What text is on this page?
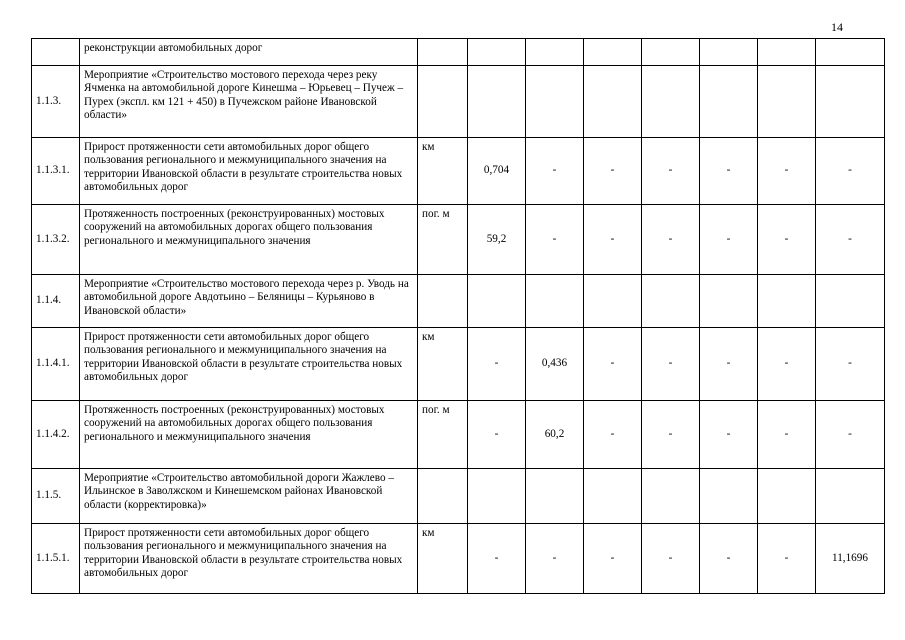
14
	реконструкции автомобильных дорог								
1.1.3.	Мероприятие «Строительство мостового перехода через реку Ячменка на автомобильной дороге Кинешма – Юрьевец – Пучеж – Пурех (экспл. км 121 + 450) в Пучежском районе Ивановской области»								
1.1.3.1.	Прирост протяженности сети автомобильных дорог общего пользования регионального и межмуниципального значения на территории Ивановской области в результате строительства новых автомобильных дорог	км	0,704	-	-	-	-	-	-
1.1.3.2.	Протяженность построенных (реконструированных) мостовых сооружений на автомобильных дорогах общего пользования регионального и межмуниципального значения	пог. м	59,2	-	-	-	-	-	-
1.1.4.	Мероприятие «Строительство мостового перехода через р. Уводь на автомобильной дороге Авдотьино – Беляницы – Курьяново в Ивановской области»								
1.1.4.1.	Прирост протяженности сети автомобильных дорог общего пользования регионального и межмуниципального значения на территории Ивановской области в результате строительства новых автомобильных дорог	км	-	0,436	-	-	-	-	-
1.1.4.2.	Протяженность построенных (реконструированных) мостовых сооружений на автомобильных дорогах общего пользования регионального и межмуниципального значения	пог. м	-	60,2	-	-	-	-	-
1.1.5.	Мероприятие «Строительство автомобильной дороги Жажлево – Ильинское в Заволжском и Кинешемском районах Ивановской области (корректировка)»								
1.1.5.1.	Прирост протяженности сети автомобильных дорог общего пользования регионального и межмуниципального значения на территории Ивановской области в результате строительства новых автомобильных дорог	км	-	-	-	-	-	-	11,1696
